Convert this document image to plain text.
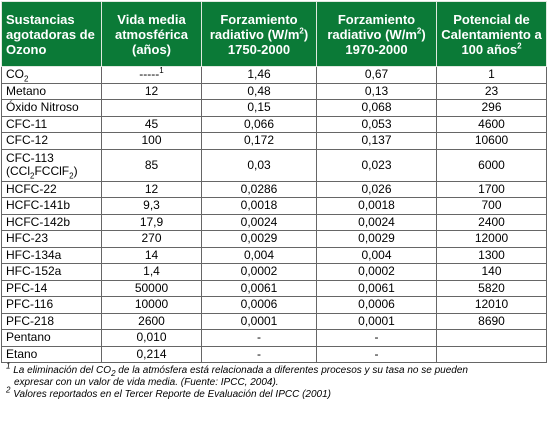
Sustancias agotadoras de Ozono	Vida media atmosférica (años)	Forzamiento radiativo $(W/m^2)$ 1750-2000	Forzamiento radiativo $(W/m^2)$ 1970-2000	Potencial de Calentamiento a 100 años$^2$
$CO_2$	-----$^1$	1,46	0,67	1
Metano	12	0,48	0,13	23
Óxido Nitroso		0,15	0,068	296
CFC-11	45	0,066	0,053	4600
CFC-12	100	0,172	0,137	10600
CFC-113
(CCl$_2$FCClF$_2$)	85	0,03	0,023	6000
HCFC-22	12	0,0286	0,026	1700
HCFC-141b	9,3	0,0018	0,0018	700
HCFC-142b	17,9	0,0024	0,0024	2400
HFC-23	270	0,0029	0,0029	12000
HFC-134a	14	0,004	0,004	1300
HFC-152a	1,4	0,0002	0,0002	140
PFC-14	50000	0,0061	0,0061	5820
PFC-116	10000	0,0006	0,0006	12010
PFC-218	2600	0,0001	0,0001	8690
Pentano	0,010	-	-	
Etano	0,214	-	-	

$^1$ La eliminación del $CO_2$ de la atmósfera está relacionada a diferentes procesos y su tasa no se pueden

expresar con un valor de vida media. (Fuente: IPCC, 2004).

$^2$ Valores reportados en el Tercer Reporte de Evaluación del IPCC (2001)
